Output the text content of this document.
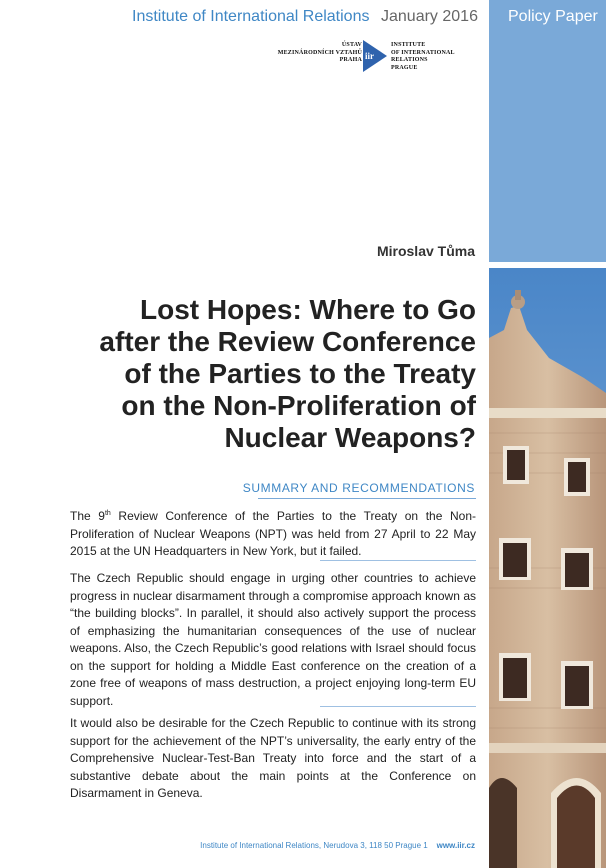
Institute of International Relations January 2016 Policy Paper
ÚSTAV
MEZINÁRODNÍCH VZTAHŮ
PRAHA iir
INSTITUTE
OF INTERNATIONAL RELATIONS
PRAGUE
Miroslav Tůma
Lost Hopes: Where to Go
after the Review Conference
of the Parties to the Treaty
on the Non-Proliferation of
Nuclear Weapons?
SUMMARY AND RECOMMENDATIONS

The 9th Review Conference of the Parties to the Treaty on the Non-Proliferation of Nuclear Weapons (NPT) was held from 27 April to 22 May 2015 at the UN Headquarters in New York, but it failed.

The Czech Republic should engage in urging other countries to achieve progress in nuclear disarmament through a compromise approach known as “the building blocks”. In parallel, it should also actively support the process of emphasizing the humanitarian consequences of the use of nuclear weapons. Also, the Czech Republic’s good relations with Israel should focus on the support for holding a Middle East conference on the creation of a zone free of weapons of mass destruction, a project enjoying long-term EU support.

It would also be desirable for the Czech Republic to continue with its strong support for the achievement of the NPT’s universality, the early entry of the Comprehensive Nuclear-Test-Ban Treaty into force and the start of a substantive debate about the main points at the Conference on Disarmament in Geneva.

Institute of International Relations, Nerudova 3, 118 50 Prague 1 www.iir.cz
